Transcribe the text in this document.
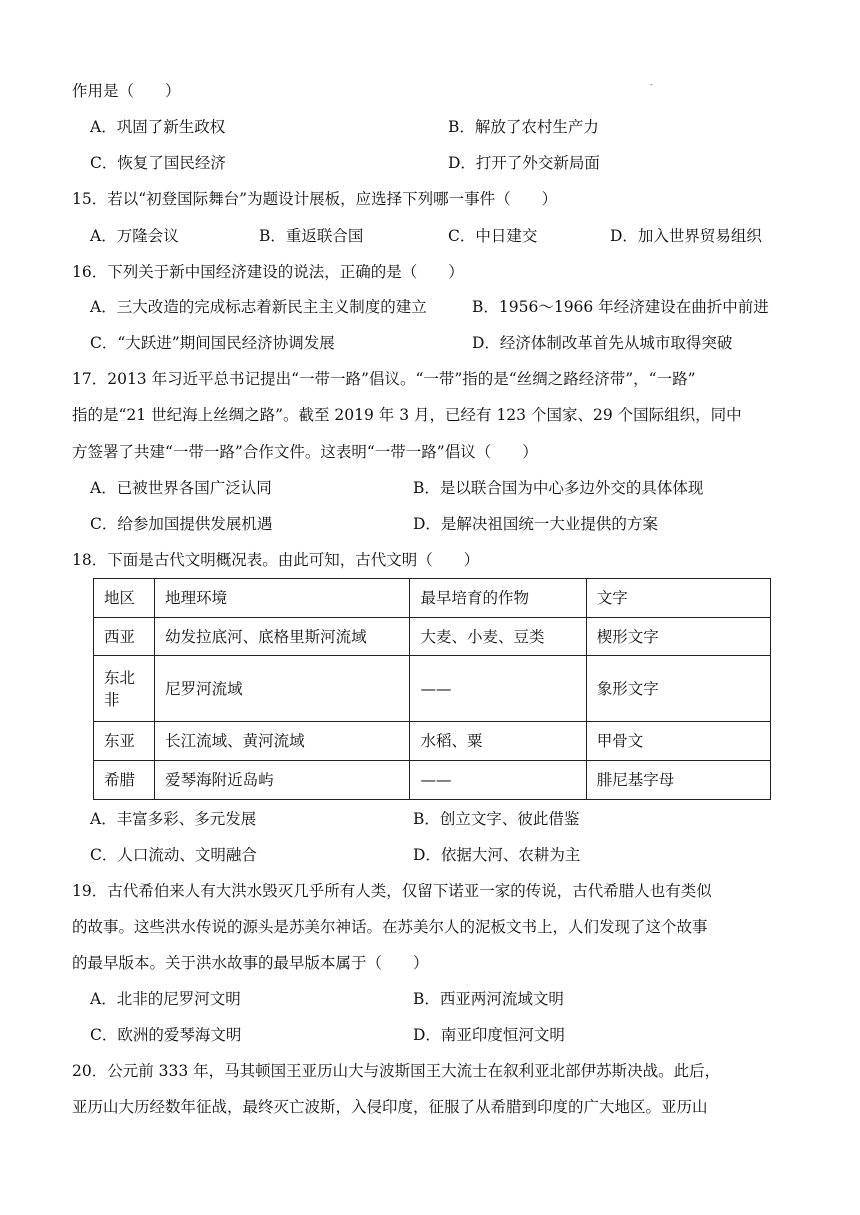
-
作用是（　　）
A．巩固了新生政权	B．解放了农村生产力
C．恢复了国民经济	D．打开了外交新局面
15．若以“初登国际舞台”为题设计展板，应选择下列哪一事件（　　）
A．万隆会议	B．重返联合国	C．中日建交	D．加入世界贸易组织
16．下列关于新中国经济建设的说法，正确的是（　　）
A．三大改造的完成标志着新民主主义制度的建立	B．1956～1966 年经济建设在曲折中前进
C．“大跃进”期间国民经济协调发展	D．经济体制改革首先从城市取得突破
17．2013 年习近平总书记提出“一带一路”倡议。“一带”指的是“丝绸之路经济带”，“一路”
指的是“21 世纪海上丝绸之路”。截至 2019 年 3 月，已经有 123 个国家、29 个国际组织，同中
方签署了共建“一带一路”合作文件。这表明“一带一路”倡议（　　）
A．已被世界各国广泛认同	B．是以联合国为中心多边外交的具体体现
C．给参加国提供发展机遇	D．是解决祖国统一大业提供的方案
18．下面是古代文明概况表。由此可知，古代文明（　　）
地区	地理环境	最早培育的作物	文字
西亚	幼发拉底河、底格里斯河流域	大麦、小麦、豆类	楔形文字
东北
非	尼罗河流域	——	象形文字
东亚	长江流域、黄河流域	水稻、粟	甲骨文
希腊	爱琴海附近岛屿	——	腓尼基字母
A．丰富多彩、多元发展	B．创立文字、彼此借鉴
C．人口流动、文明融合	D．依据大河、农耕为主
19．古代希伯来人有大洪水毁灭几乎所有人类，仅留下诺亚一家的传说，古代希腊人也有类似
的故事。这些洪水传说的源头是苏美尔神话。在苏美尔人的泥板文书上，人们发现了这个故事
的最早版本。关于洪水故事的最早版本属于（　　）
A．北非的尼罗河文明	B．西亚两河流域文明
C．欧洲的爱琴海文明	D．南亚印度恒河文明
20．公元前 333 年，马其顿国王亚历山大与波斯国王大流士在叙利亚北部伊苏斯决战。此后，
亚历山大历经数年征战，最终灭亡波斯，入侵印度，征服了从希腊到印度的广大地区。亚历山
